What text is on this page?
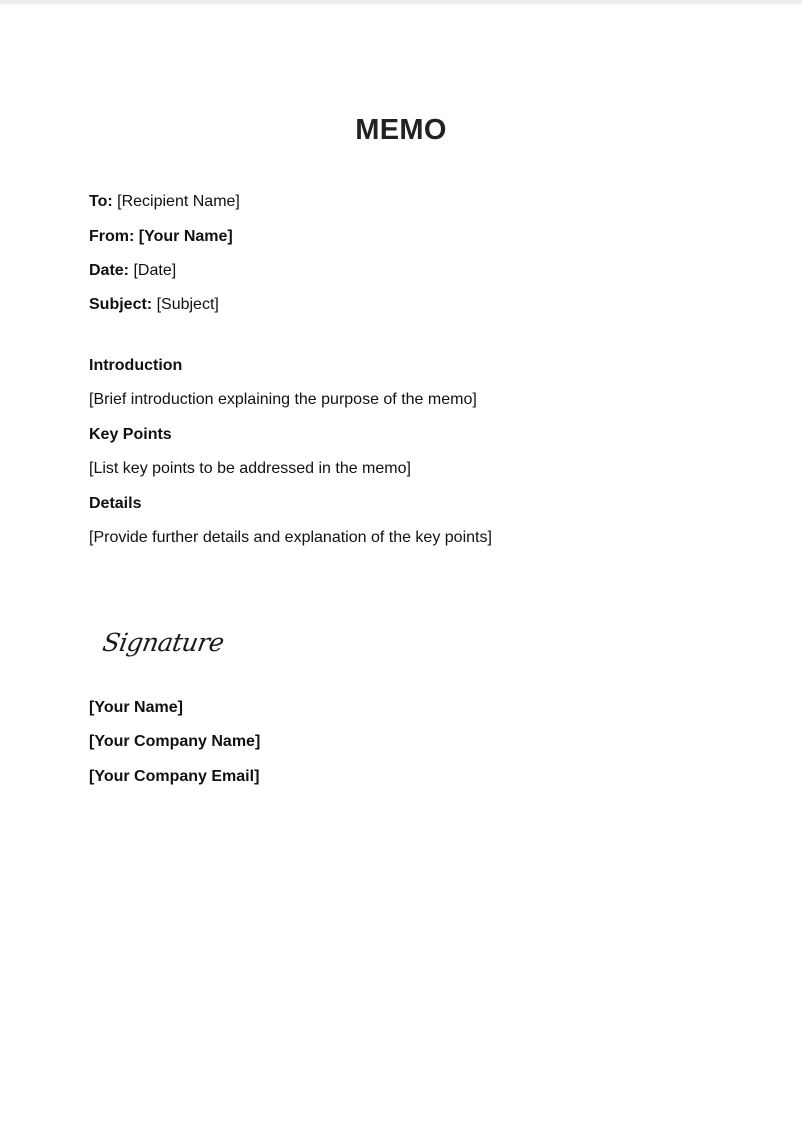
MEMO
To: [Recipient Name]
From: [Your Name]
Date: [Date]
Subject: [Subject]
Introduction
[Brief introduction explaining the purpose of the memo]
Key Points
[List key points to be addressed in the memo]
Details
[Provide further details and explanation of the key points]
Signature
[Your Name]
[Your Company Name]
[Your Company Email]
